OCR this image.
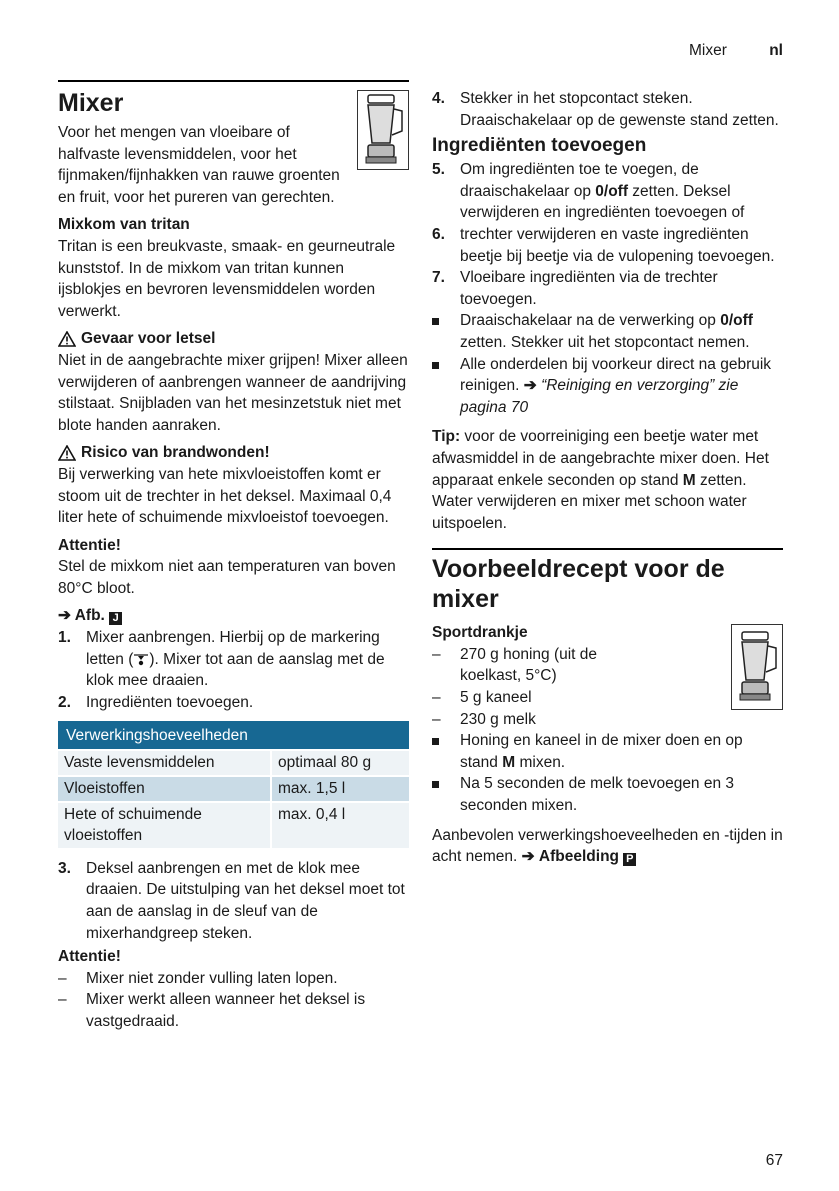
Mixer	nl
Mixer

Voor het mengen van vloeibare of halfvaste levensmiddelen, voor het fijnmaken/fijnhakken van rauwe groenten en fruit, voor het pureren van gerechten.

Mixkom van tritan

Tritan is een breukvaste, smaak- en geurneutrale kunststof. In de mixkom van tritan kunnen ijsblokjes en bevroren levensmiddelen worden verwerkt.

Gevaar voor letsel

Niet in de aangebrachte mixer grijpen! Mixer alleen verwijderen of aanbrengen wanneer de aandrijving stilstaat. Snijbladen van het mesinzetstuk niet met blote handen aanraken.

Risico van brandwonden!

Bij verwerking van hete mixvloeistoffen komt er stoom uit de trechter in het deksel. Maximaal 0,4 liter hete of schuimende mixvloeistof toevoegen.

Attentie!

Stel de mixkom niet aan temperaturen van boven 80°C bloot.

➔ Afb. J
1. Mixer aanbrengen. Hierbij op de markering letten ( ). Mixer tot aan de aanslag met de klok mee draaien.
2. Ingrediënten toevoegen.
Verwerkingshoeveelheden	
Vaste levensmiddelen	optimaal 80 g
Vloeistoffen	max. 1,5 l
Hete of schuimende vloeistoffen	max. 0,4 l
3. Deksel aanbrengen en met de klok mee draaien. De uitstulping van het deksel moet tot aan de aanslag in de sleuf van de mixerhandgreep steken.
Attentie!
–	Mixer niet zonder vulling laten lopen.
–	Mixer werkt alleen wanneer het deksel is vastgedraaid.
4. Stekker in het stopcontact steken. Draaischakelaar op de gewenste stand zetten.
Ingrediënten toevoegen
5. Om ingrediënten toe te voegen, de draaischakelaar op 0/off zetten. Deksel verwijderen en ingrediënten toevoegen of
6. trechter verwijderen en vaste ingrediënten beetje bij beetje via de vulopening toevoegen.
7. Vloeibare ingrediënten via de trechter toevoegen.
Draaischakelaar na de verwerking op 0/off zetten. Stekker uit het stopcontact nemen.
Alle onderdelen bij voorkeur direct na gebruik reinigen. ➔ “Reiniging en verzorging” zie pagina 70

Tip: voor de voorreiniging een beetje water met afwasmiddel in de aangebrachte mixer doen. Het apparaat enkele seconden op stand M zetten. Water verwijderen en mixer met schoon water uitspoelen.

Voorbeeldrecept voor de mixer
Sportdrankje
–	270 g honing (uit de koelkast, 5°C)
–	5 g kaneel
–	230 g melk
Honing en kaneel in de mixer doen en op stand M mixen.
Na 5 seconden de melk toevoegen en 3 seconden mixen.

Aanbevolen verwerkingshoeveelheden en -tijden in acht nemen. ➔ Afbeelding P

67
